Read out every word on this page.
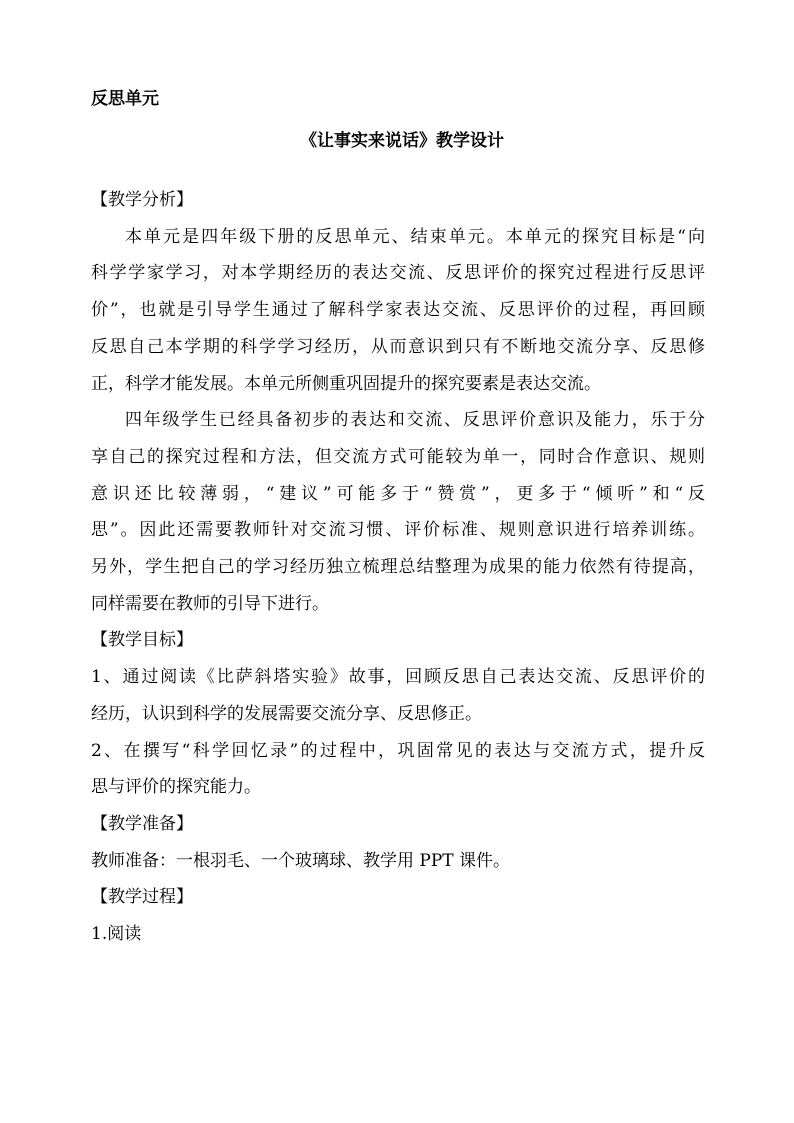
反思单元
《让事实来说话》教学设计
【教学分析】
本单元是四年级下册的反思单元、结束单元。本单元的探究目标是“向
科学学家学习，对本学期经历的表达交流、反思评价的探究过程进行反思评
价”，也就是引导学生通过了解科学家表达交流、反思评价的过程，再回顾
反思自己本学期的科学学习经历，从而意识到只有不断地交流分享、反思修
正，科学才能发展。本单元所侧重巩固提升的探究要素是表达交流。
四年级学生已经具备初步的表达和交流、反思评价意识及能力，乐于分
享自己的探究过程和方法，但交流方式可能较为单一，同时合作意识、规则
意识还比较薄弱，“建议”可能多于“赞赏”，更多于“倾听”和“反
思”。因此还需要教师针对交流习惯、评价标准、规则意识进行培养训练。
另外，学生把自己的学习经历独立梳理总结整理为成果的能力依然有待提高，
同样需要在教师的引导下进行。
【教学目标】
1、通过阅读《比萨斜塔实验》故事，回顾反思自己表达交流、反思评价的
经历，认识到科学的发展需要交流分享、反思修正。
2、在撰写“科学回忆录”的过程中，巩固常见的表达与交流方式，提升反
思与评价的探究能力。
【教学准备】
教师准备：一根羽毛、一个玻璃球、教学用 PPT 课件。
【教学过程】
1.阅读
